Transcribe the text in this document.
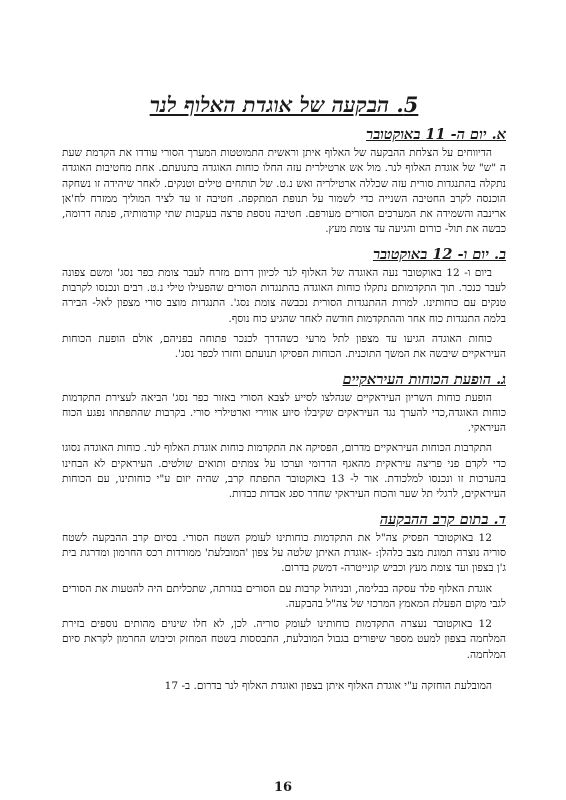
5. הבקעה של אוגדת האלוף לנר
א. יום ה- 11 באוקטובר

הדיווחים על הצלחת ההבקעה של האלוף איתן וראשית התמוטטות המערך הסורי עודדו את הקדמת שעת ה "ש" של אוגדת האלוף לנר. מול אש ארטילרית עזה החלו כוחות האוגדה בתנועתם. אחת מחטיבות האוגדה נתקלה בהתנגדות סורית עזה שכללה ארטילריה ואש נ.ט. של תותחים טילים וטנקים. לאחר שיהידה זו נשחקה הוכנסה לקרב החטיבה השנייה כדי לשמור על תנופת המתקפה. חטיבה זו עד לציר המוליך ממזרח לח'אן ארינבה והשמידה את המערכים הסורים מעורפם. חטיבה נוספת פרצה בעקבות שתי קודמותיה, פנתה דרומה, כבשה את תול- כורום והגיעה עד צומת מעץ.

ב. יום ו- 12 באוקטובר

ביום ו- 12 באוקטובר נעה האוגדה של האלוף לנר לכיוון דרום מזרח לעבר צומת כפר נסג' ומשם צפונה לעבר כנכר. תוך התקדמותם נתקלו כוחות האוגדה בהתנגדות הסורים שהפעילו טילי נ.ט. רבים ונכנסו לקרבות טנקים עם כוחותינו. למרות ההתנגדות הסורית נכבשה צומת נסג'. התנגדות מוצב סורי מצפון לאל- הבירה בלמה התנגדות כוח אחר וההתקדמות חודשה לאחר שהגיע כוח נוסף.

כוחות האוגדה הגיעו עד מצפון לתל מרעי כשהדרך לכנכר פתוחה בפניהם, אולם הופעת הכוחות העיראקיים שיבשה את המשך התוכנית. הכוחות הפסיקו תנועתם וחזרו לכפר נסג'.

ג. הופעת הכוחות העיראקיים

הופעת כוחות השריון העיראקיים שנהלצו לסייע לצבא הסורי באזור כפר נסג' הביאה לעצירת התקדמות כוחות האוגדה,כדי להערך נגד העיראקים שקיבלו סיוע אווירי וארטילרי סורי. בקרבות שהתפתחו נפגע הכוח העיראקי.

התקרבות הכוחות העיראקיים מדרום, הפסיקה את התקדמות כוחות אוגדת האלוף לנר. כוחות האוגדה נסוגו כדי לקדם פני פריצה עיראקית מהאגף הדרומי וערכו על צמתים ותואים שולטים. העיראקים לא הבחינו בהערכות זו ונכנסו למלכודת. אור ל- 13 באוקטובר התפתח קרב, שהיה יזום ע"י כוחותינו, עם הכוחות העיראקים, לרגלי תל שער והכוח העיראקי שחדר ספג אבדות כבדות.

ד. בתום קרב ההבקעה

12 באוקטובר הפסיק צה"ל את התקדמות כוחותינו לעומק השטח הסורי. בסיום קרב ההבקעה לשטח סוריה נוצרה תמונת מצב כלהלן: -אוגדת האיתן שלטה על צפון 'המובלעת' ממורדות רכס החרמון ומדרגת בית ג'ן בצפון ועד צומת מעץ וכביש קונייטרה- דמשק בדרום.

אוגדת האלוף פלד עסקה בבלימה, ובניהול קרבות עם הסורים בגזרתה, שתכליתם היה להטעות את הסורים לגבי מקום הפעלת המאמץ המרכזי של צה"ל בהבקעה.

12 באוקטובר נעצרה התקדמות כוחותינו לעומק סוריה. לכן, לא חלו שינוים מהותים נוספים בזירת המלחמה בצפון למעט מספר שיפורים בגבול המובלעת, התבססות בשטח המחזק וכיבוש החרמון לקראת סיום המלחמה.

המובלעת הוחזקה ע"י אוגדת האלוף איתן בצפון ואוגדת האלוף לנר בדרום. ב- 17

16
